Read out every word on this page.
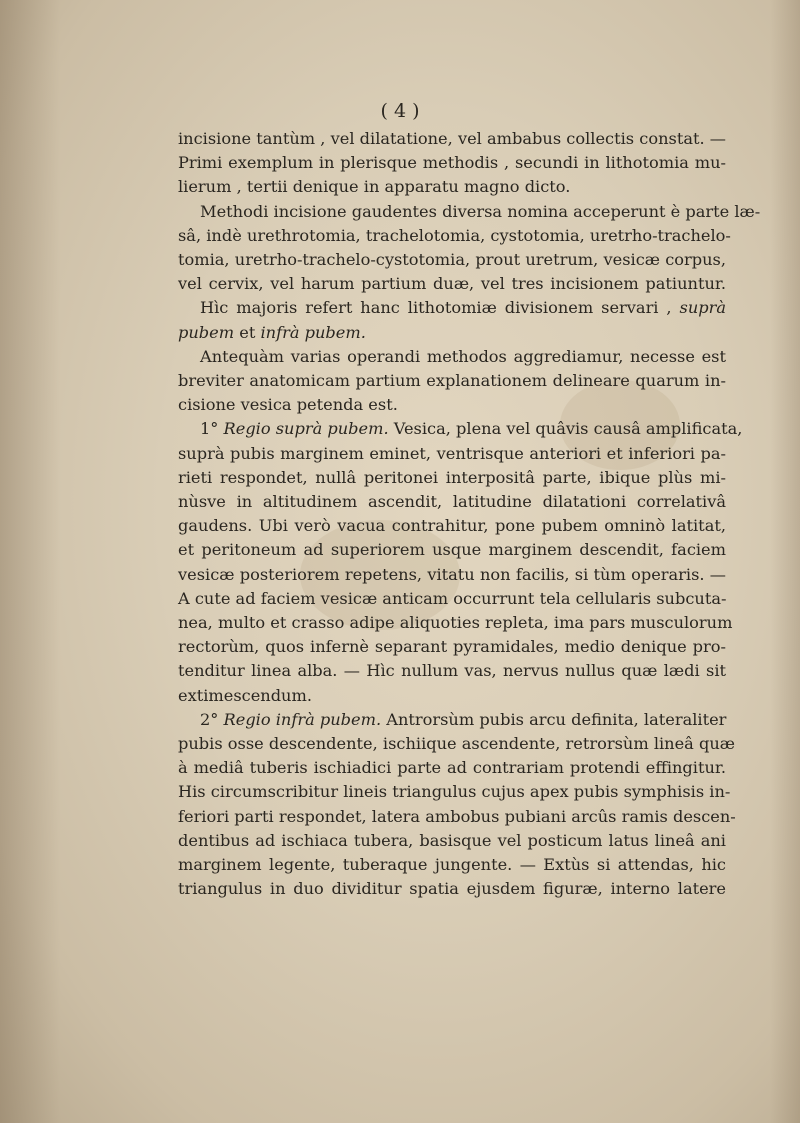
( 4 )
incisione tantùm , vel dilatatione, vel ambabus collectis constat. —
Primi exemplum in plerisque methodis , secundi in lithotomia mu-
lierum , tertii denique in apparatu magno dicto.
Methodi incisione gaudentes diversa nomina acceperunt è parte læ-
sâ, indè urethrotomia, trachelotomia, cystotomia, uretrho-trachelo-
tomia, uretrho-trachelo-cystotomia, prout uretrum, vesicæ corpus,
vel cervix, vel harum partium duæ, vel tres incisionem patiuntur.
Hìc majoris refert hanc lithotomiæ divisionem servari , suprà
pubem et infrà pubem.
Antequàm varias operandi methodos aggrediamur, necesse est
breviter anatomicam partium explanationem delineare quarum in-
cisione vesica petenda est.
1° Regio suprà pubem. Vesica, plena vel quâvis causâ amplificata,
suprà pubis marginem eminet, ventrisque anteriori et inferiori pa-
rieti respondet, nullâ peritonei interpositâ parte, ibique plùs mi-
nùsve in altitudinem ascendit, latitudine dilatationi correlativâ
gaudens. Ubi verò vacua contrahitur, pone pubem omninò latitat,
et peritoneum ad superiorem usque marginem descendit, faciem
vesicæ posteriorem repetens, vitatu non facilis, si tùm operaris. —
A cute ad faciem vesicæ anticam occurrunt tela cellularis subcuta-
nea, multo et crasso adipe aliquoties repleta, ima pars musculorum
rectorùm, quos infernè separant pyramidales, medio denique pro-
tenditur linea alba. — Hìc nullum vas, nervus nullus quæ lædi sit
extimescendum.
2° Regio infrà pubem. Antrorsùm pubis arcu definita, lateraliter
pubis osse descendente, ischiique ascendente, retrorsùm lineâ quæ
à mediâ tuberis ischiadici parte ad contrariam protendi effingitur.
His circumscribitur lineis triangulus cujus apex pubis symphisis in-
feriori parti respondet, latera ambobus pubiani arcûs ramis descen-
dentibus ad ischiaca tubera, basisque vel posticum latus lineâ ani
marginem legente, tuberaque jungente. — Extùs si attendas, hic
triangulus in duo dividitur spatia ejusdem figuræ, interno latere
